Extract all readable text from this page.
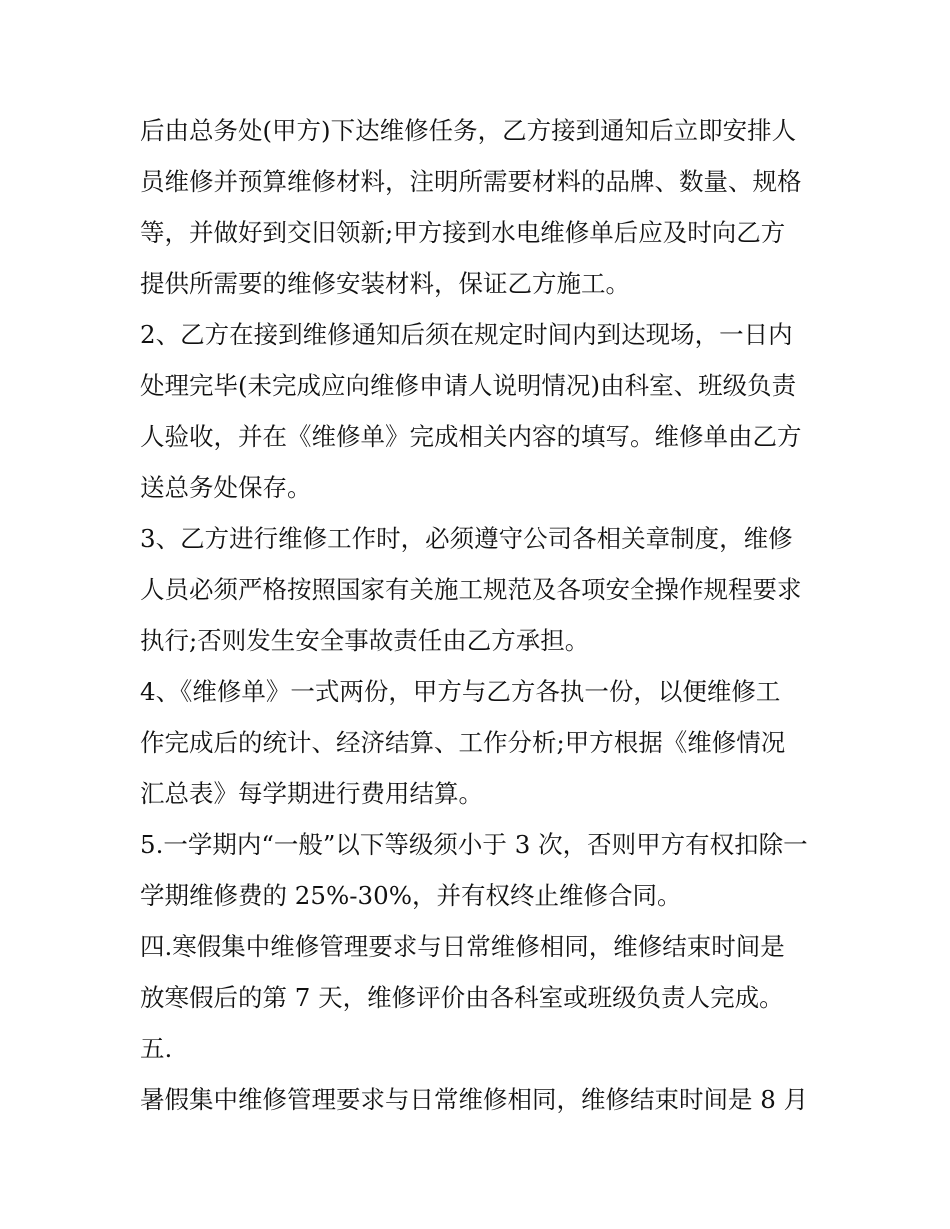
后由总务处(甲方)下达维修任务，乙方接到通知后立即安排人
员维修并预算维修材料，注明所需要材料的品牌、数量、规格
等，并做好到交旧领新;甲方接到水电维修单后应及时向乙方
提供所需要的维修安装材料，保证乙方施工。
2、乙方在接到维修通知后须在规定时间内到达现场，一日内
处理完毕(未完成应向维修申请人说明情况)由科室、班级负责
人验收，并在《维修单》完成相关内容的填写。维修单由乙方
送总务处保存。
3、乙方进行维修工作时，必须遵守公司各相关章制度，维修
人员必须严格按照国家有关施工规范及各项安全操作规程要求
执行;否则发生安全事故责任由乙方承担。
4、《维修单》一式两份，甲方与乙方各执一份，以便维修工
作完成后的统计、经济结算、工作分析;甲方根据《维修情况
汇总表》每学期进行费用结算。
5.一学期内“一般”以下等级须小于 3 次，否则甲方有权扣除一
学期维修费的 25%-30%，并有权终止维修合同。
四.寒假集中维修管理要求与日常维修相同，维修结束时间是
放寒假后的第 7 天，维修评价由各科室或班级负责人完成。
五.
暑假集中维修管理要求与日常维修相同，维修结束时间是 8 月
